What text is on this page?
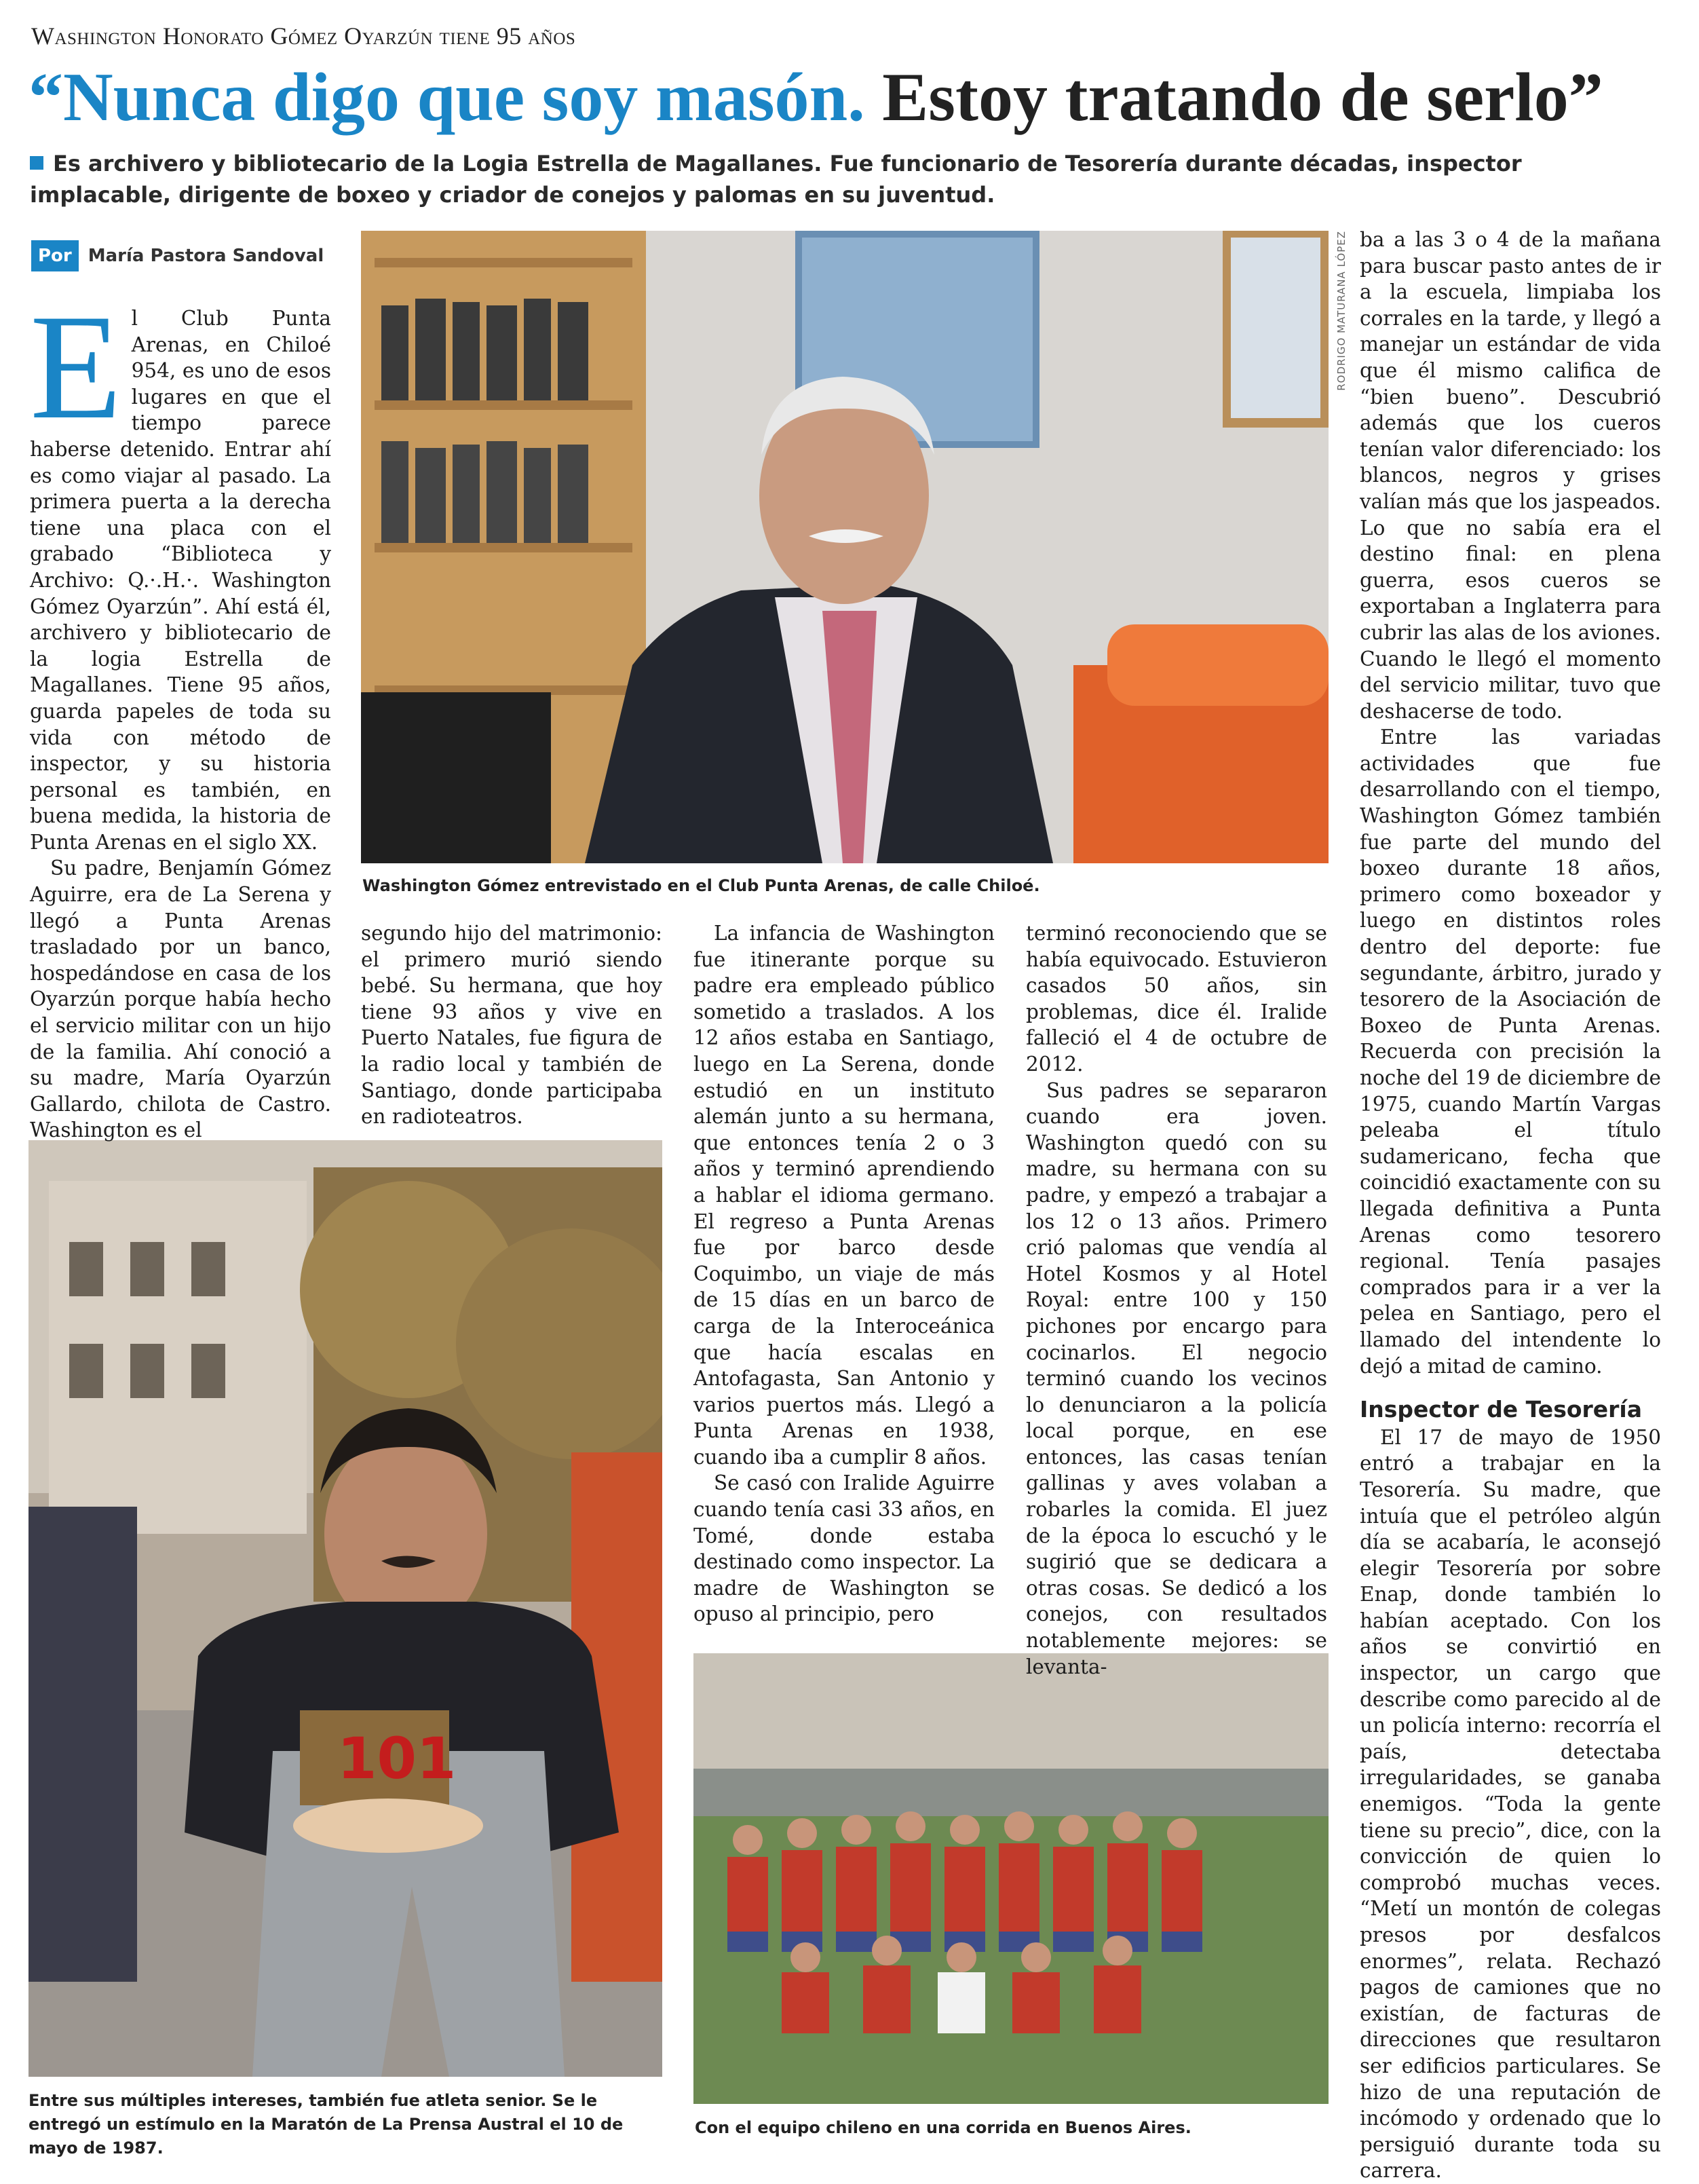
Washington Honorato Gómez Oyarzún tiene 95 años
“Nunca digo que soy masón. Estoy tratando de serlo”
Es archivero y bibliotecario de la Logia Estrella de Magallanes. Fue funcionario de Tesorería durante décadas, inspector implacable, dirigente de boxeo y criador de conejos y palomas en su juventud.
Por María Pastora Sandoval	RODRIGO MATURANA LÓPEZ
Washington Gómez entrevistado en el Club Punta Arenas, de calle Chiloé.
101
Entre sus múltiples intereses, también fue atleta senior. Se le entregó un estímulo en la Maratón de La Prensa Austral el 10 de mayo de 1987.
Con el equipo chileno en una corrida en Buenos Aires.

El Club Punta Arenas, en Chiloé 954, es uno de esos lugares en que el tiempo parece haberse detenido. Entrar ahí es como viajar al pasado. La primera puerta a la derecha tiene una placa con el grabado “Biblioteca y Archivo: Q.·.H.·. Washington Gómez Oyarzún”. Ahí está él, archivero y bibliotecario de la logia Estrella de Magallanes. Tiene 95 años, guarda papeles de toda su vida con método de inspector, y su historia personal es también, en buena medida, la historia de Punta Arenas en el siglo XX.

Su padre, Benjamín Gómez Aguirre, era de La Serena y llegó a Punta Arenas trasladado por un banco, hospedándose en casa de los Oyarzún porque había hecho el servicio militar con un hijo de la familia. Ahí conoció a su madre, María Oyarzún Gallardo, chilota de Castro. Washington es el

segundo hijo del matrimonio: el primero murió siendo bebé. Su hermana, que hoy tiene 93 años y vive en Puerto Natales, fue figura de la radio local y también de Santiago, donde participaba en radioteatros.

La infancia de Washington fue itinerante porque su padre era empleado público sometido a traslados. A los 12 años estaba en Santiago, luego en La Serena, donde estudió en un instituto alemán junto a su hermana, que entonces tenía 2 o 3 años y terminó aprendiendo a hablar el idioma germano. El regreso a Punta Arenas fue por barco desde Coquimbo, un viaje de más de 15 días en un barco de carga de la Interoceánica que hacía escalas en Antofagasta, San Antonio y varios puertos más. Llegó a Punta Arenas en 1938, cuando iba a cumplir 8 años.

Se casó con Iralide Aguirre cuando tenía casi 33 años, en Tomé, donde estaba destinado como inspector. La madre de Washington se opuso al principio, pero

terminó reconociendo que se había equivocado. Estuvieron casados 50 años, sin problemas, dice él. Iralide falleció el 4 de octubre de 2012.

Sus padres se separaron cuando era joven. Washington quedó con su madre, su hermana con su padre, y empezó a trabajar a los 12 o 13 años. Primero crió palomas que vendía al Hotel Kosmos y al Hotel Royal: entre 100 y 150 pichones por encargo para cocinarlos. El negocio terminó cuando los vecinos lo denunciaron a la policía local porque, en ese entonces, las casas tenían gallinas y aves volaban a robarles la comida. El juez de la época lo escuchó y le sugirió que se dedicara a otras cosas. Se dedicó a los conejos, con resultados notablemente mejores: se levanta-

ba a las 3 o 4 de la mañana para buscar pasto antes de ir a la escuela, limpiaba los corrales en la tarde, y llegó a manejar un estándar de vida que él mismo califica de “bien bueno”. Descubrió además que los cueros tenían valor diferenciado: los blancos, negros y grises valían más que los jaspeados. Lo que no sabía era el destino final: en plena guerra, esos cueros se exportaban a Inglaterra para cubrir las alas de los aviones. Cuando le llegó el momento del servicio militar, tuvo que deshacerse de todo.

Entre las variadas actividades que fue desarrollando con el tiempo, Washington Gómez también fue parte del mundo del boxeo durante 18 años, primero como boxeador y luego en distintos roles dentro del deporte: fue segundante, árbitro, jurado y tesorero de la Asociación de Boxeo de Punta Arenas. Recuerda con precisión la noche del 19 de diciembre de 1975, cuando Martín Vargas peleaba el título sudamericano, fecha que coincidió exactamente con su llegada definitiva a Punta Arenas como tesorero regional. Tenía pasajes comprados para ir a ver la pelea en Santiago, pero el llamado del intendente lo dejó a mitad de camino.

Inspector de Tesorería

El 17 de mayo de 1950 entró a trabajar en la Tesorería. Su madre, que intuía que el petróleo algún día se acabaría, le aconsejó elegir Tesorería por sobre Enap, donde también lo habían aceptado. Con los años se convirtió en inspector, un cargo que describe como parecido al de un policía interno: recorría el país, detectaba irregularidades, se ganaba enemigos. “Toda la gente tiene su precio”, dice, con la convicción de quien lo comprobó muchas veces. “Metí un montón de colegas presos por desfalcos enormes”, relata. Rechazó pagos de camiones que no existían, de facturas de direcciones que resultaron ser edificios particulares. Se hizo de una reputación de incómodo y ordenado que lo persiguió durante toda su carrera.
